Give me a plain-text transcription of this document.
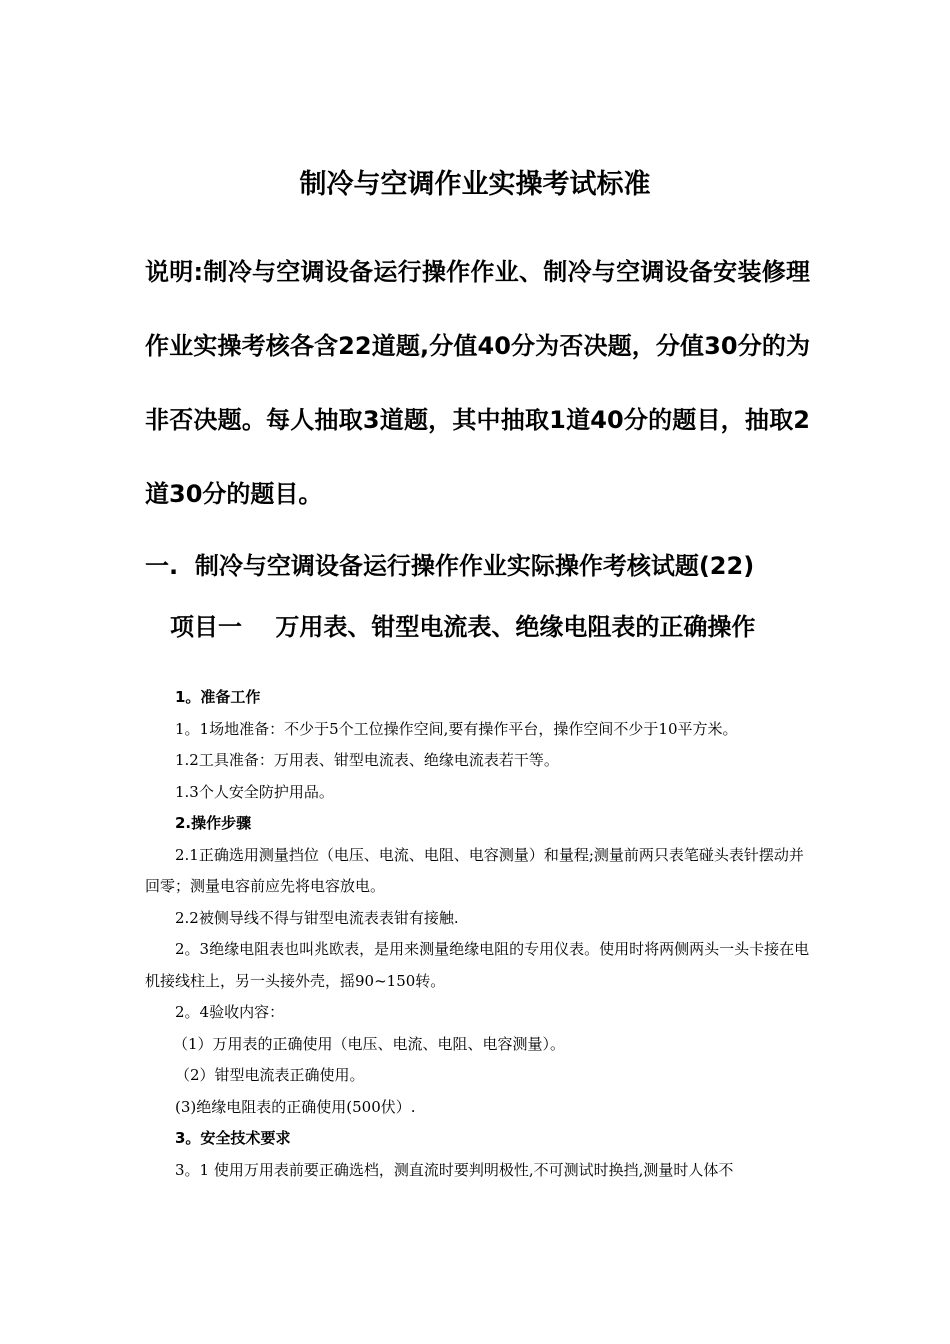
制冷与空调作业实操考试标准

说明:制冷与空调设备运行操作作业、制冷与空调设备安装修理作业实操考核各含22道题,分值40分为否决题，分值30分的为非否决题。每人抽取3道题，其中抽取1道40分的题目，抽取2道30分的题目。

一.  制冷与空调设备运行操作作业实际操作考核试题(22)
项目一    万用表、钳型电流表、绝缘电阻表的正确操作

1。准备工作

1。1场地准备：不少于5个工位操作空间,要有操作平台，操作空间不少于10平方米。

1.2工具准备：万用表、钳型电流表、绝缘电流表若干等。

1.3个人安全防护用品。

2.操作步骤

2.1正确选用测量挡位（电压、电流、电阻、电容测量）和量程;测量前两只表笔碰头表针摆动并回零；测量电容前应先将电容放电。

2.2被侧导线不得与钳型电流表表钳有接触.

2。3绝缘电阻表也叫兆欧表，是用来测量绝缘电阻的专用仪表。使用时将两侧两头一头卡接在电机接线柱上，另一头接外壳，摇90~150转。

2。4验收内容：

（1）万用表的正确使用（电压、电流、电阻、电容测量）。

（2）钳型电流表正确使用。

(3)绝缘电阻表的正确使用(500伏）.

3。安全技术要求

3。1 使用万用表前要正确选档，测直流时要判明极性,不可测试时换挡,测量时人体不
